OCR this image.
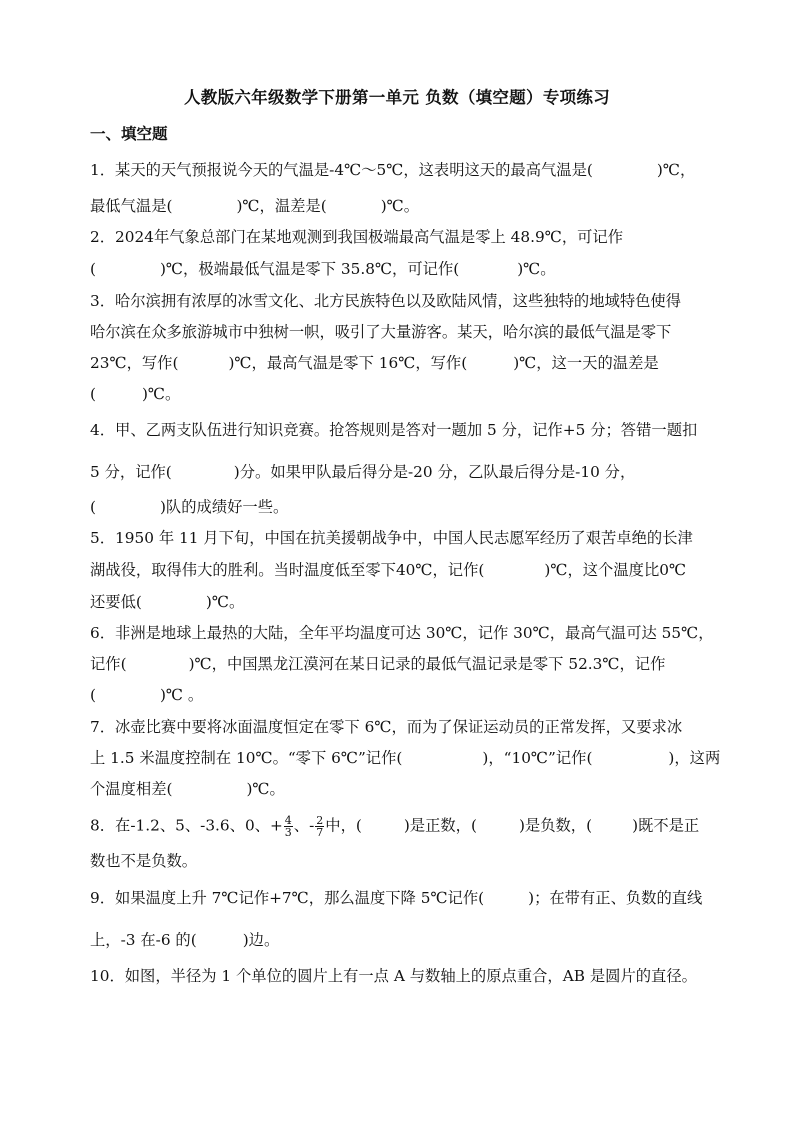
人教版六年级数学下册第一单元 负数（填空题）专项练习
一、填空题
1．某天的天气预报说今天的气温是-4℃～5℃，这表明这天的最高气温是(	)℃，
最低气温是(	)℃，温差是(	)℃。
2．2024年气象总部门在某地观测到我国极端最高气温是零上 48.9℃，可记作
(	)℃，极端最低气温是零下 35.8℃，可记作(	)℃。
3．哈尔滨拥有浓厚的冰雪文化、北方民族特色以及欧陆风情，这些独特的地域特色使得
哈尔滨在众多旅游城市中独树一帜，吸引了大量游客。某天，哈尔滨的最低气温是零下
23℃，写作(	)℃，最高气温是零下 16℃，写作(	)℃，这一天的温差是
(	)℃。
4．甲、乙两支队伍进行知识竞赛。抢答规则是答对一题加 5 分，记作+5 分；答错一题扣
5 分，记作(	)分。如果甲队最后得分是-20 分，乙队最后得分是-10 分，
(	)队的成绩好一些。
5．1950 年 11 月下旬，中国在抗美援朝战争中，中国人民志愿军经历了艰苦卓绝的长津
湖战役，取得伟大的胜利。当时温度低至零下40℃，记作(	)℃，这个温度比0℃
还要低(	)℃。
6．非洲是地球上最热的大陆，全年平均温度可达 30℃，记作 30℃，最高气温可达 55℃，
记作(	)℃，中国黑龙江漠河在某日记录的最低气温记录是零下 52.3℃，记作
(	)℃ 。
7．冰壶比赛中要将冰面温度恒定在零下 6℃，而为了保证运动员的正常发挥，又要求冰
上 1.5 米温度控制在 10℃。“零下 6℃”记作(	)，“10℃”记作(	)，这两
个温度相差(	)℃。
8．在-1.2、5、-3.6、0、+ $\frac{4}{3}$ 、- $\frac{2}{7}$ 中，(	)是正数，(	)是负数，(	)既不是正
数也不是负数。
9．如果温度上升 7℃记作+7℃，那么温度下降 5℃记作(	)；在带有正、负数的直线
上，-3 在-6 的(	)边。
10．如图，半径为 1 个单位的圆片上有一点 A 与数轴上的原点重合，AB 是圆片的直径。
